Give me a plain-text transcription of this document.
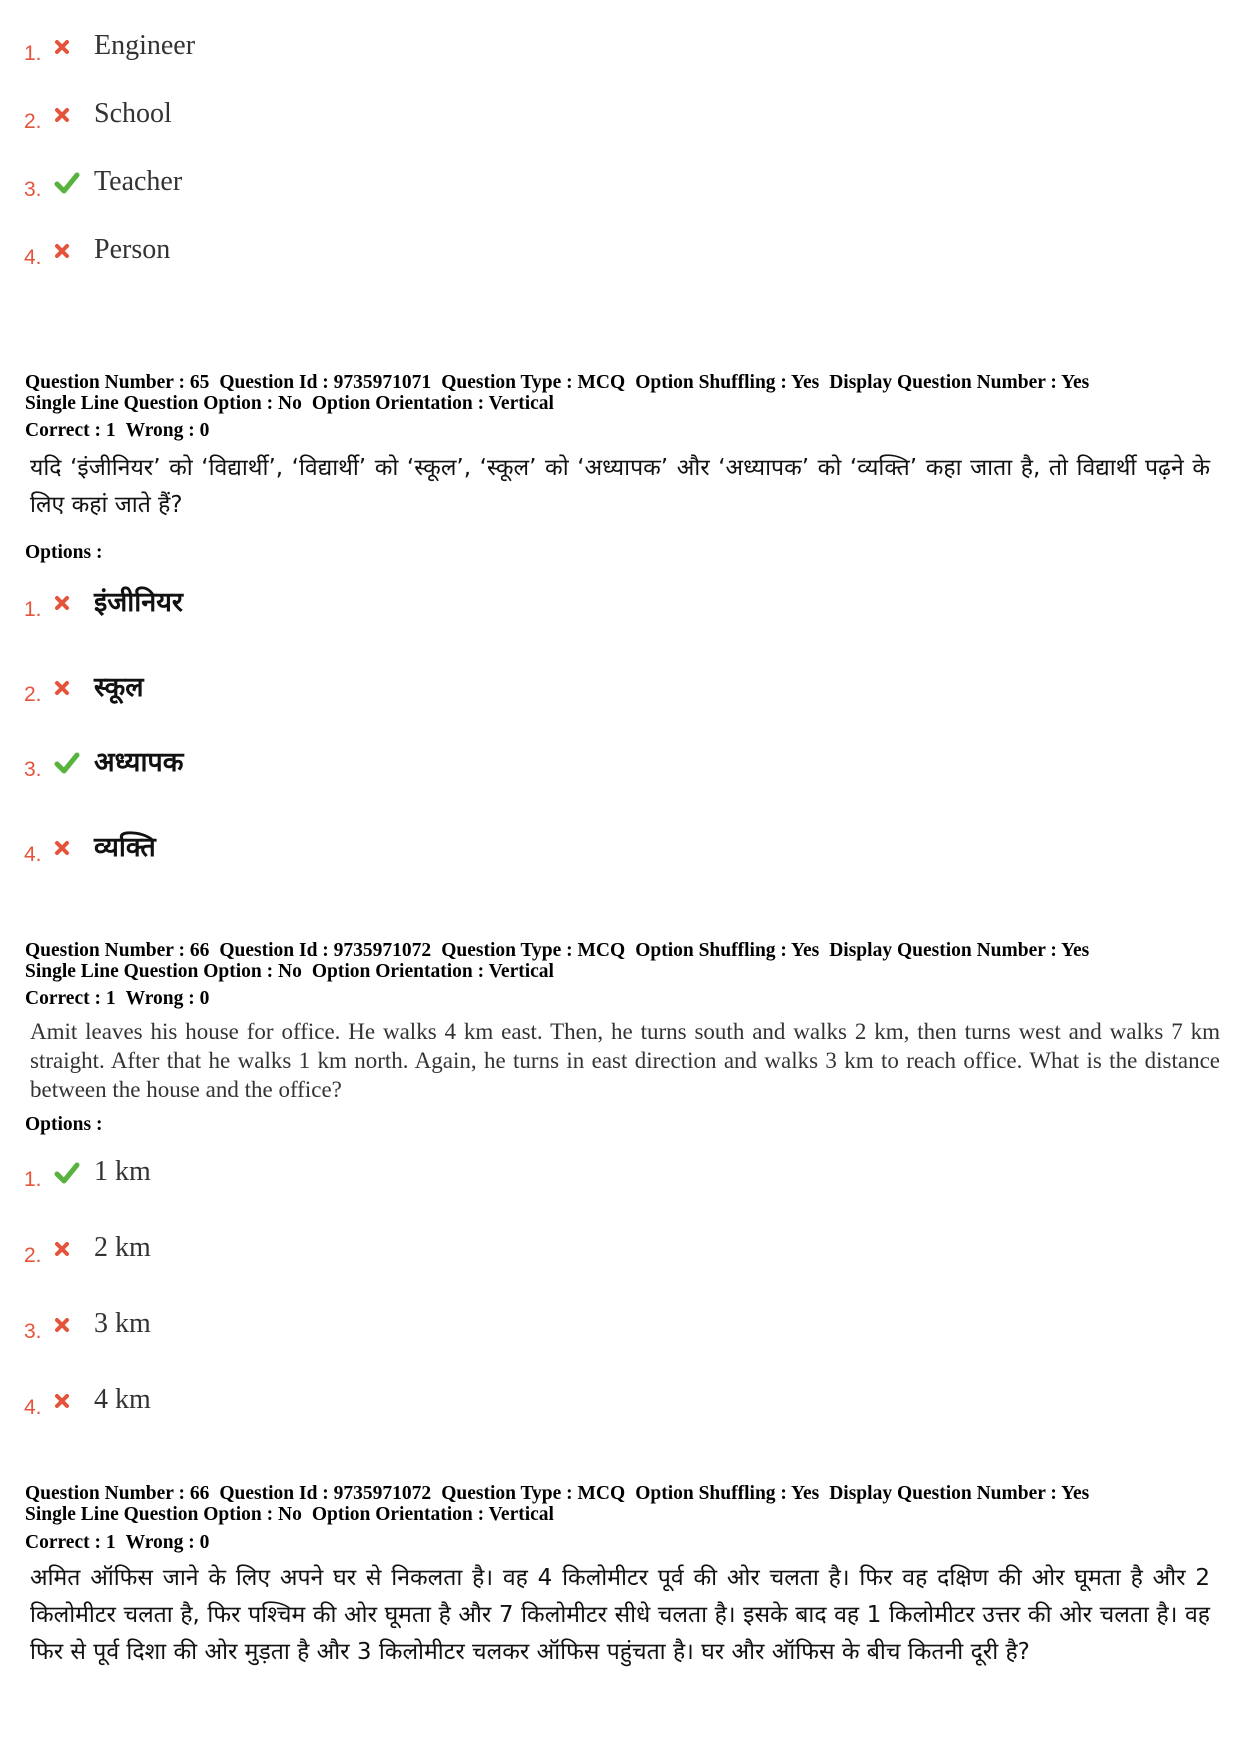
1.	Engineer
2.	School
3.	Teacher
4.	Person
Question Number : 65 Question Id : 9735971071 Question Type : MCQ Option Shuffling : Yes Display Question Number : Yes
Single Line Question Option : No Option Orientation : Vertical
Correct : 1 Wrong : 0
यदि ‘इंजीनियर’ को ‘विद्यार्थी’, ‘विद्यार्थी’ को ‘स्कूल’, ‘स्कूल’ को ‘अध्यापक’ और ‘अध्यापक’ को ‘व्यक्ति’ कहा जाता है, तो विद्यार्थी पढ़ने के लिए कहां जाते हैं?
Options :
1.	इंजीनियर
2.	स्कूल
3.	अध्यापक
4.	व्यक्ति
Question Number : 66 Question Id : 9735971072 Question Type : MCQ Option Shuffling : Yes Display Question Number : Yes
Single Line Question Option : No Option Orientation : Vertical
Correct : 1 Wrong : 0
Amit leaves his house for office. He walks 4 km east. Then, he turns south and walks 2 km, then turns west and walks 7 km straight. After that he walks 1 km north. Again, he turns in east direction and walks 3 km to reach office. What is the distance between the house and the office?
Options :
1.	1 km
2.	2 km
3.	3 km
4.	4 km
Question Number : 66 Question Id : 9735971072 Question Type : MCQ Option Shuffling : Yes Display Question Number : Yes
Single Line Question Option : No Option Orientation : Vertical
Correct : 1 Wrong : 0
अमित ऑफिस जाने के लिए अपने घर से निकलता है। वह 4 किलोमीटर पूर्व की ओर चलता है। फिर वह दक्षिण की ओर घूमता है और 2 किलोमीटर चलता है, फिर पश्चिम की ओर घूमता है और 7 किलोमीटर सीधे चलता है। इसके बाद वह 1 किलोमीटर उत्तर की ओर चलता है। वह फिर से पूर्व दिशा की ओर मुड़ता है और 3 किलोमीटर चलकर ऑफिस पहुंचता है। घर और ऑफिस के बीच कितनी दूरी है?
